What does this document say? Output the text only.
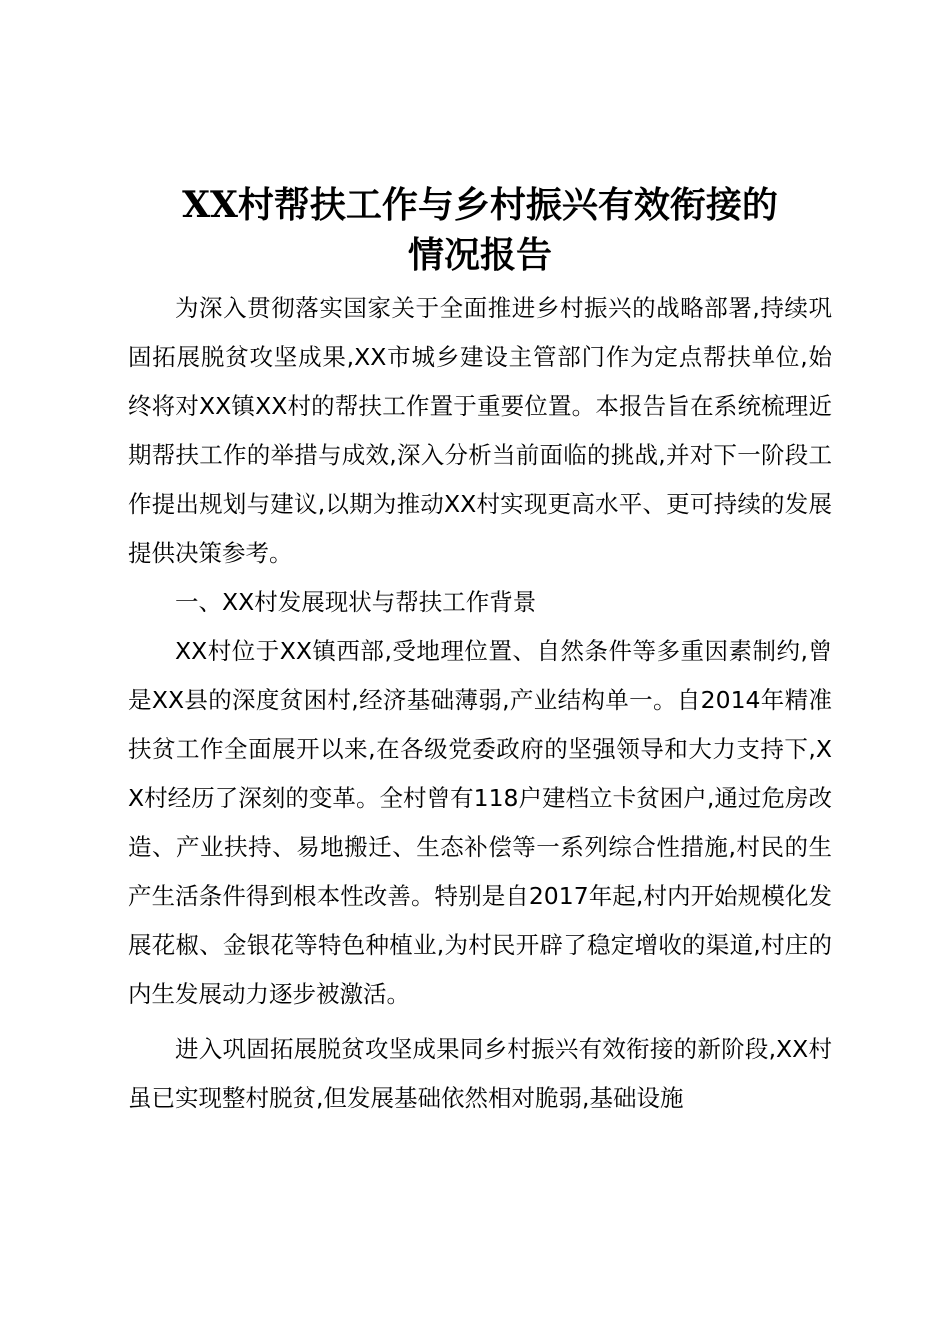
XX村帮扶工作与乡村振兴有效衔接的
情况报告

为深入贯彻落实国家关于全面推进乡村振兴的战略部署,持续巩固拓展脱贫攻坚成果,XX市城乡建设主管部门作为定点帮扶单位,始终将对XX镇XX村的帮扶工作置于重要位置。本报告旨在系统梳理近期帮扶工作的举措与成效,深入分析当前面临的挑战,并对下一阶段工作提出规划与建议,以期为推动XX村实现更高水平、更可持续的发展提供决策参考。

一、XX村发展现状与帮扶工作背景

XX村位于XX镇西部,受地理位置、自然条件等多重因素制约,曾是XX县的深度贫困村,经济基础薄弱,产业结构单一。自2014年精准扶贫工作全面展开以来,在各级党委政府的坚强领导和大力支持下,XX村经历了深刻的变革。全村曾有118户建档立卡贫困户,通过危房改造、产业扶持、易地搬迁、生态补偿等一系列综合性措施,村民的生产生活条件得到根本性改善。特别是自2017年起,村内开始规模化发展花椒、金银花等特色种植业,为村民开辟了稳定增收的渠道,村庄的内生发展动力逐步被激活。

进入巩固拓展脱贫攻坚成果同乡村振兴有效衔接的新阶段,XX村虽已实现整村脱贫,但发展基础依然相对脆弱,基础设施
